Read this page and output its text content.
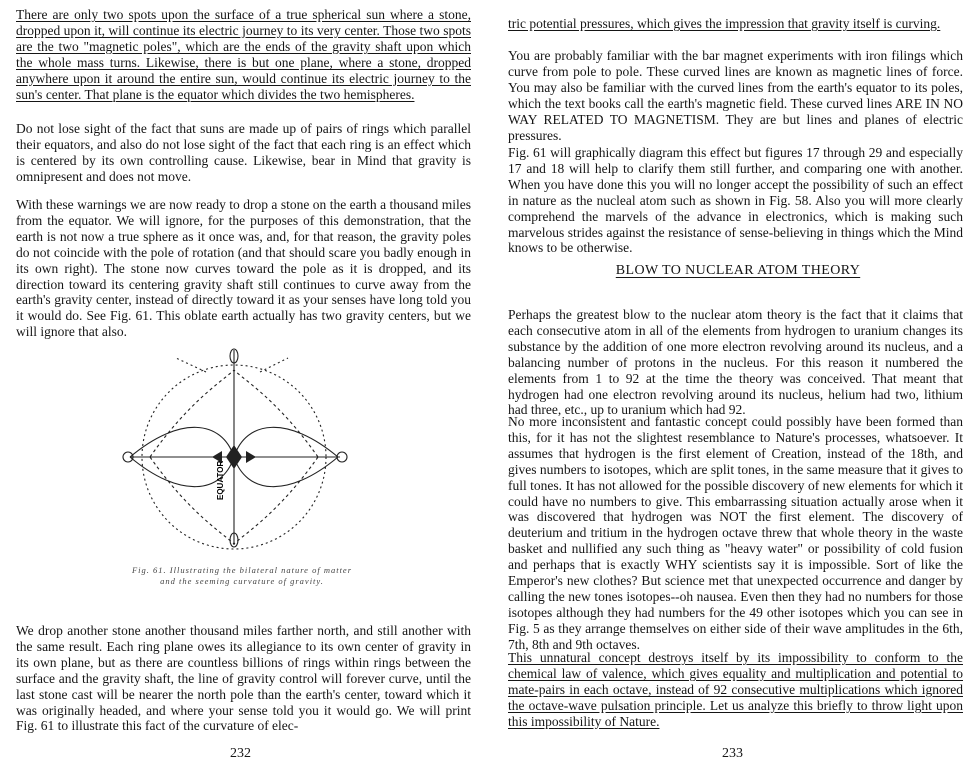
There are only two spots upon the surface of a true spherical sun where a stone, dropped upon it, will continue its electric journey to its very center. Those two spots are the two "magnetic poles", which are the ends of the gravity shaft upon which the whole mass turns. Likewise, there is but one plane, where a stone, dropped anywhere upon it around the entire sun, would continue its electric journey to the sun's center. That plane is the equator which divides the two hemispheres.

Do not lose sight of the fact that suns are made up of pairs of rings which parallel their equators, and also do not lose sight of the fact that each ring is an effect which is centered by its own controlling cause. Likewise, bear in Mind that gravity is omnipresent and does not move.

With these warnings we are now ready to drop a stone on the earth a thousand miles from the equator. We will ignore, for the purposes of this demonstration, that the earth is not now a true sphere as it once was, and, for that reason, the gravity poles do not coincide with the pole of rotation (and that should scare you badly enough in its own right). The stone now curves toward the pole as it is dropped, and its direction toward its centering gravity shaft still continues to curve away from the earth's gravity center, instead of directly toward it as your senses have long told you it would do. See Fig. 61. This oblate earth actually has two gravity centers, but we will ignore that also.

EQUATOR
Fig. 61. Illustrating the bilateral nature of matter
and the seeming curvature of gravity.

We drop another stone another thousand miles farther north, and still another with the same result. Each ring plane owes its allegiance to its own center of gravity in its own plane, but as there are countless billions of rings within rings between the surface and the gravity shaft, the line of gravity control will forever curve, until the last stone cast will be nearer the north pole than the earth's center, toward which it was originally headed, and where your sense told you it would go. We will print Fig. 61 to illustrate this fact of the curvature of elec-

232

tric potential pressures, which gives the impression that gravity itself is curving.

You are probably familiar with the bar magnet experiments with iron filings which curve from pole to pole. These curved lines are known as magnetic lines of force. You may also be familiar with the curved lines from the earth's equator to its poles, which the text books call the earth's magnetic field. These curved lines ARE IN NO WAY RELATED TO MAGNETISM. They are but lines and planes of electric pressures.

Fig. 61 will graphically diagram this effect but figures 17 through 29 and especially 17 and 18 will help to clarify them still further, and comparing one with another. When you have done this you will no longer accept the possibility of such an effect in nature as the nucleal atom such as shown in Fig. 58. Also you will more clearly comprehend the marvels of the advance in electronics, which is making such marvelous strides against the resistance of sense-believing in things which the Mind knows to be otherwise.

BLOW TO NUCLEAR ATOM THEORY

Perhaps the greatest blow to the nuclear atom theory is the fact that it claims that each consecutive atom in all of the elements from hydrogen to uranium changes its substance by the addition of one more electron revolving around its nucleus, and a balancing number of protons in the nucleus. For this reason it numbered the elements from 1 to 92 at the time the theory was conceived. That meant that hydrogen had one electron revolving around its nucleus, helium had two, lithium had three, etc., up to uranium which had 92.

No more inconsistent and fantastic concept could possibly have been formed than this, for it has not the slightest resemblance to Nature's processes, whatsoever. It assumes that hydrogen is the first element of Creation, instead of the 18th, and gives numbers to isotopes, which are split tones, in the same measure that it gives to full tones. It has not allowed for the possible discovery of new elements for which it could have no numbers to give. This embarrassing situation actually arose when it was discovered that hydrogen was NOT the first element. The discovery of deuterium and tritium in the hydrogen octave threw that whole theory in the waste basket and nullified any such thing as "heavy water" or possibility of cold fusion and perhaps that is exactly WHY scientists say it is impossible. Sort of like the Emperor's new clothes? But science met that unexpected occurrence and danger by calling the new tones isotopes--oh nausea. Even then they had no numbers for those isotopes although they had numbers for the 49 other isotopes which you can see in Fig. 5 as they arrange themselves on either side of their wave amplitudes in the 6th, 7th, 8th and 9th octaves.

This unnatural concept destroys itself by its impossibility to conform to the chemical law of valence, which gives equality and multiplication and potential to mate-pairs in each octave, instead of 92 consecutive multiplications which ignored the octave-wave pulsation principle. Let us analyze this briefly to throw light upon this impossibility of Nature.

233
